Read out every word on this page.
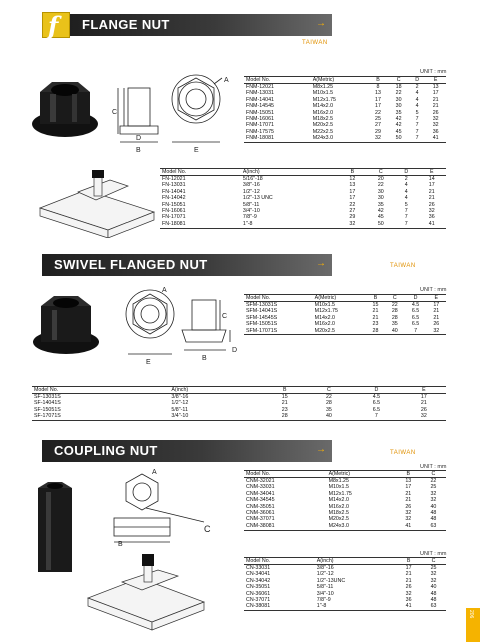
f FLANGE NUT	→
TAIWAN
A
C
D
B	E
UNIT : mm
Model No.	A(Metric)	B	C	D	E
FNM-12021	M8x1.25	8	18	2	13
FNM-13031	M10x1.5	13	22	4	17
FNM-14041	M12x1.75	17	30	4	21
FNM-14545	M14x2.0	17	30	4	21
FNM-15051	M16x2.0	22	35	5	26
FNM-16061	M18x2.5	25	42	7	32
FNM-17071	M20x2.5	27	42	7	32
FNM-17575	M22x2.5	29	45	7	36
FNM-18081	M24x3.0	32	50	7	41
Model No.	A(inch)	B	C	D	E
FN-12021	5/16"-18	12	20	2	14
FN-13031	3/8"-16	13	22	4	17
FN-14041	1/2"-12	17	30	4	21
FN-14042	1/2"-13 UNC	17	30	4	21
FN-15051	5/8"-11	22	35	5	26
FN-16061	3/4"-10	27	42	7	32
FN-17071	7/8"-9	29	45	7	36
FN-18081	1"-8	32	50	7	41
SWIVEL FLANGED NUT	→	TAIWAN
A
C
E
B
D
UNIT : mm
Model No.	A(Metric)	B	C	D	E
SFM-13031S	M10x1.5	15	22	4.5	17
SFM-14041S	M12x1.75	21	28	6.5	21
SFM-14545S	M14x2.0	21	28	6.5	21
SFM-15051S	M16x2.0	23	35	6.5	26
SFM-17071S	M20x2.5	28	40	7	32
Model No.	A(inch)	B	C	D	E
SF-13031S	3/8"-16	15	22	4.5	17
SF-14041S	1/2"-12	21	28	6.5	21
SF-15051S	5/8"-11	23	35	6.5	26
SF-17071S	3/4"-10	28	40	7	32
COUPLING NUT	→	TAIWAN
A
B
C
UNIT : mm
Model No.	A(Metric)	B	C
CNM-32021	M8x1.25	13	22
CNM-33031	M10x1.5	17	25
CNM-34041	M12x1.75	21	32
CNM-34545	M14x2.0	21	32
CNM-35051	M16x2.0	26	40
CNM-36061	M18x2.5	32	48
CNM-37071	M20x2.5	32	48
CNM-38081	M24x3.0	41	63
UNIT : mm
Model No.	A(inch)	B	C
CN-33031	3/8"-16	17	25
CN-34041	1/2"-12	21	32
CN-34042	1/2"-13UNC	21	32
CN-35051	5/8"-11	26	40
CN-36061	3/4"-10	32	48
CN-37071	7/8"-9	36	48
CN-38081	1"-8	41	63
206
